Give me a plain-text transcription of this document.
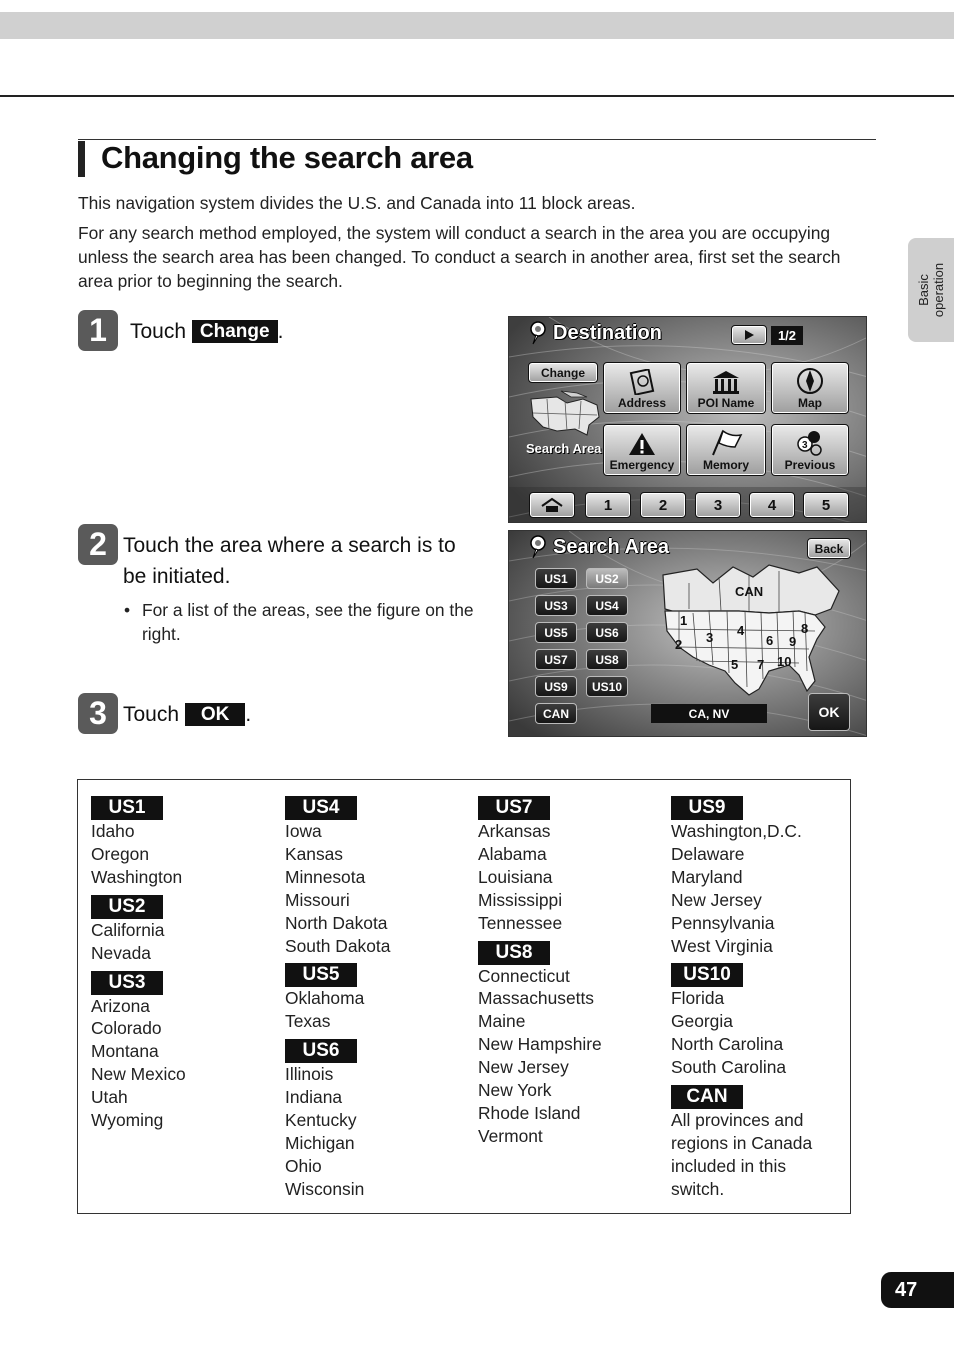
Basic operation
Changing the search area

This navigation system divides the U.S. and Canada into 11 block areas.

For any search method employed, the system will conduct a search in the area you are occupying unless the search area has been changed. To conduct a search in another area, first set the search area prior to beginning the search.

1	Touch Change .
2 Touch the area where a search is to be initiated.
• For a list of the areas, see the figure on the right.
3 Touch OK .
Destination	1/2
Change
Search Area
Address	POI Name	Map
Emergency Memory
3
Previous
1	2	3	4	5
Search Area	Back
US1	US2
US3	US4
US5	US6
US7	US8
US9	US10
CAN
CAN
1
2 3 4
5
6
7
8
9
10
CA, NV	OK
US1
Idaho
Oregon
Washington
US2
California
Nevada
US3
Arizona
Colorado
Montana
New Mexico
Utah
Wyoming
US4
Iowa
Kansas
Minnesota
Missouri
North Dakota
South Dakota
US5
Oklahoma
Texas
US6
Illinois
Indiana
Kentucky
Michigan
Ohio
Wisconsin
US7
Arkansas
Alabama
Louisiana
Mississippi
Tennessee
US8
Connecticut
Massachusetts
Maine
New Hampshire
New Jersey
New York
Rhode Island
Vermont
US9
Washington,D.C.
Delaware
Maryland
New Jersey
Pennsylvania
West Virginia
US10
Florida
Georgia
North Carolina
South Carolina
CAN
All provinces and
regions in Canada
included in this
switch.
47
